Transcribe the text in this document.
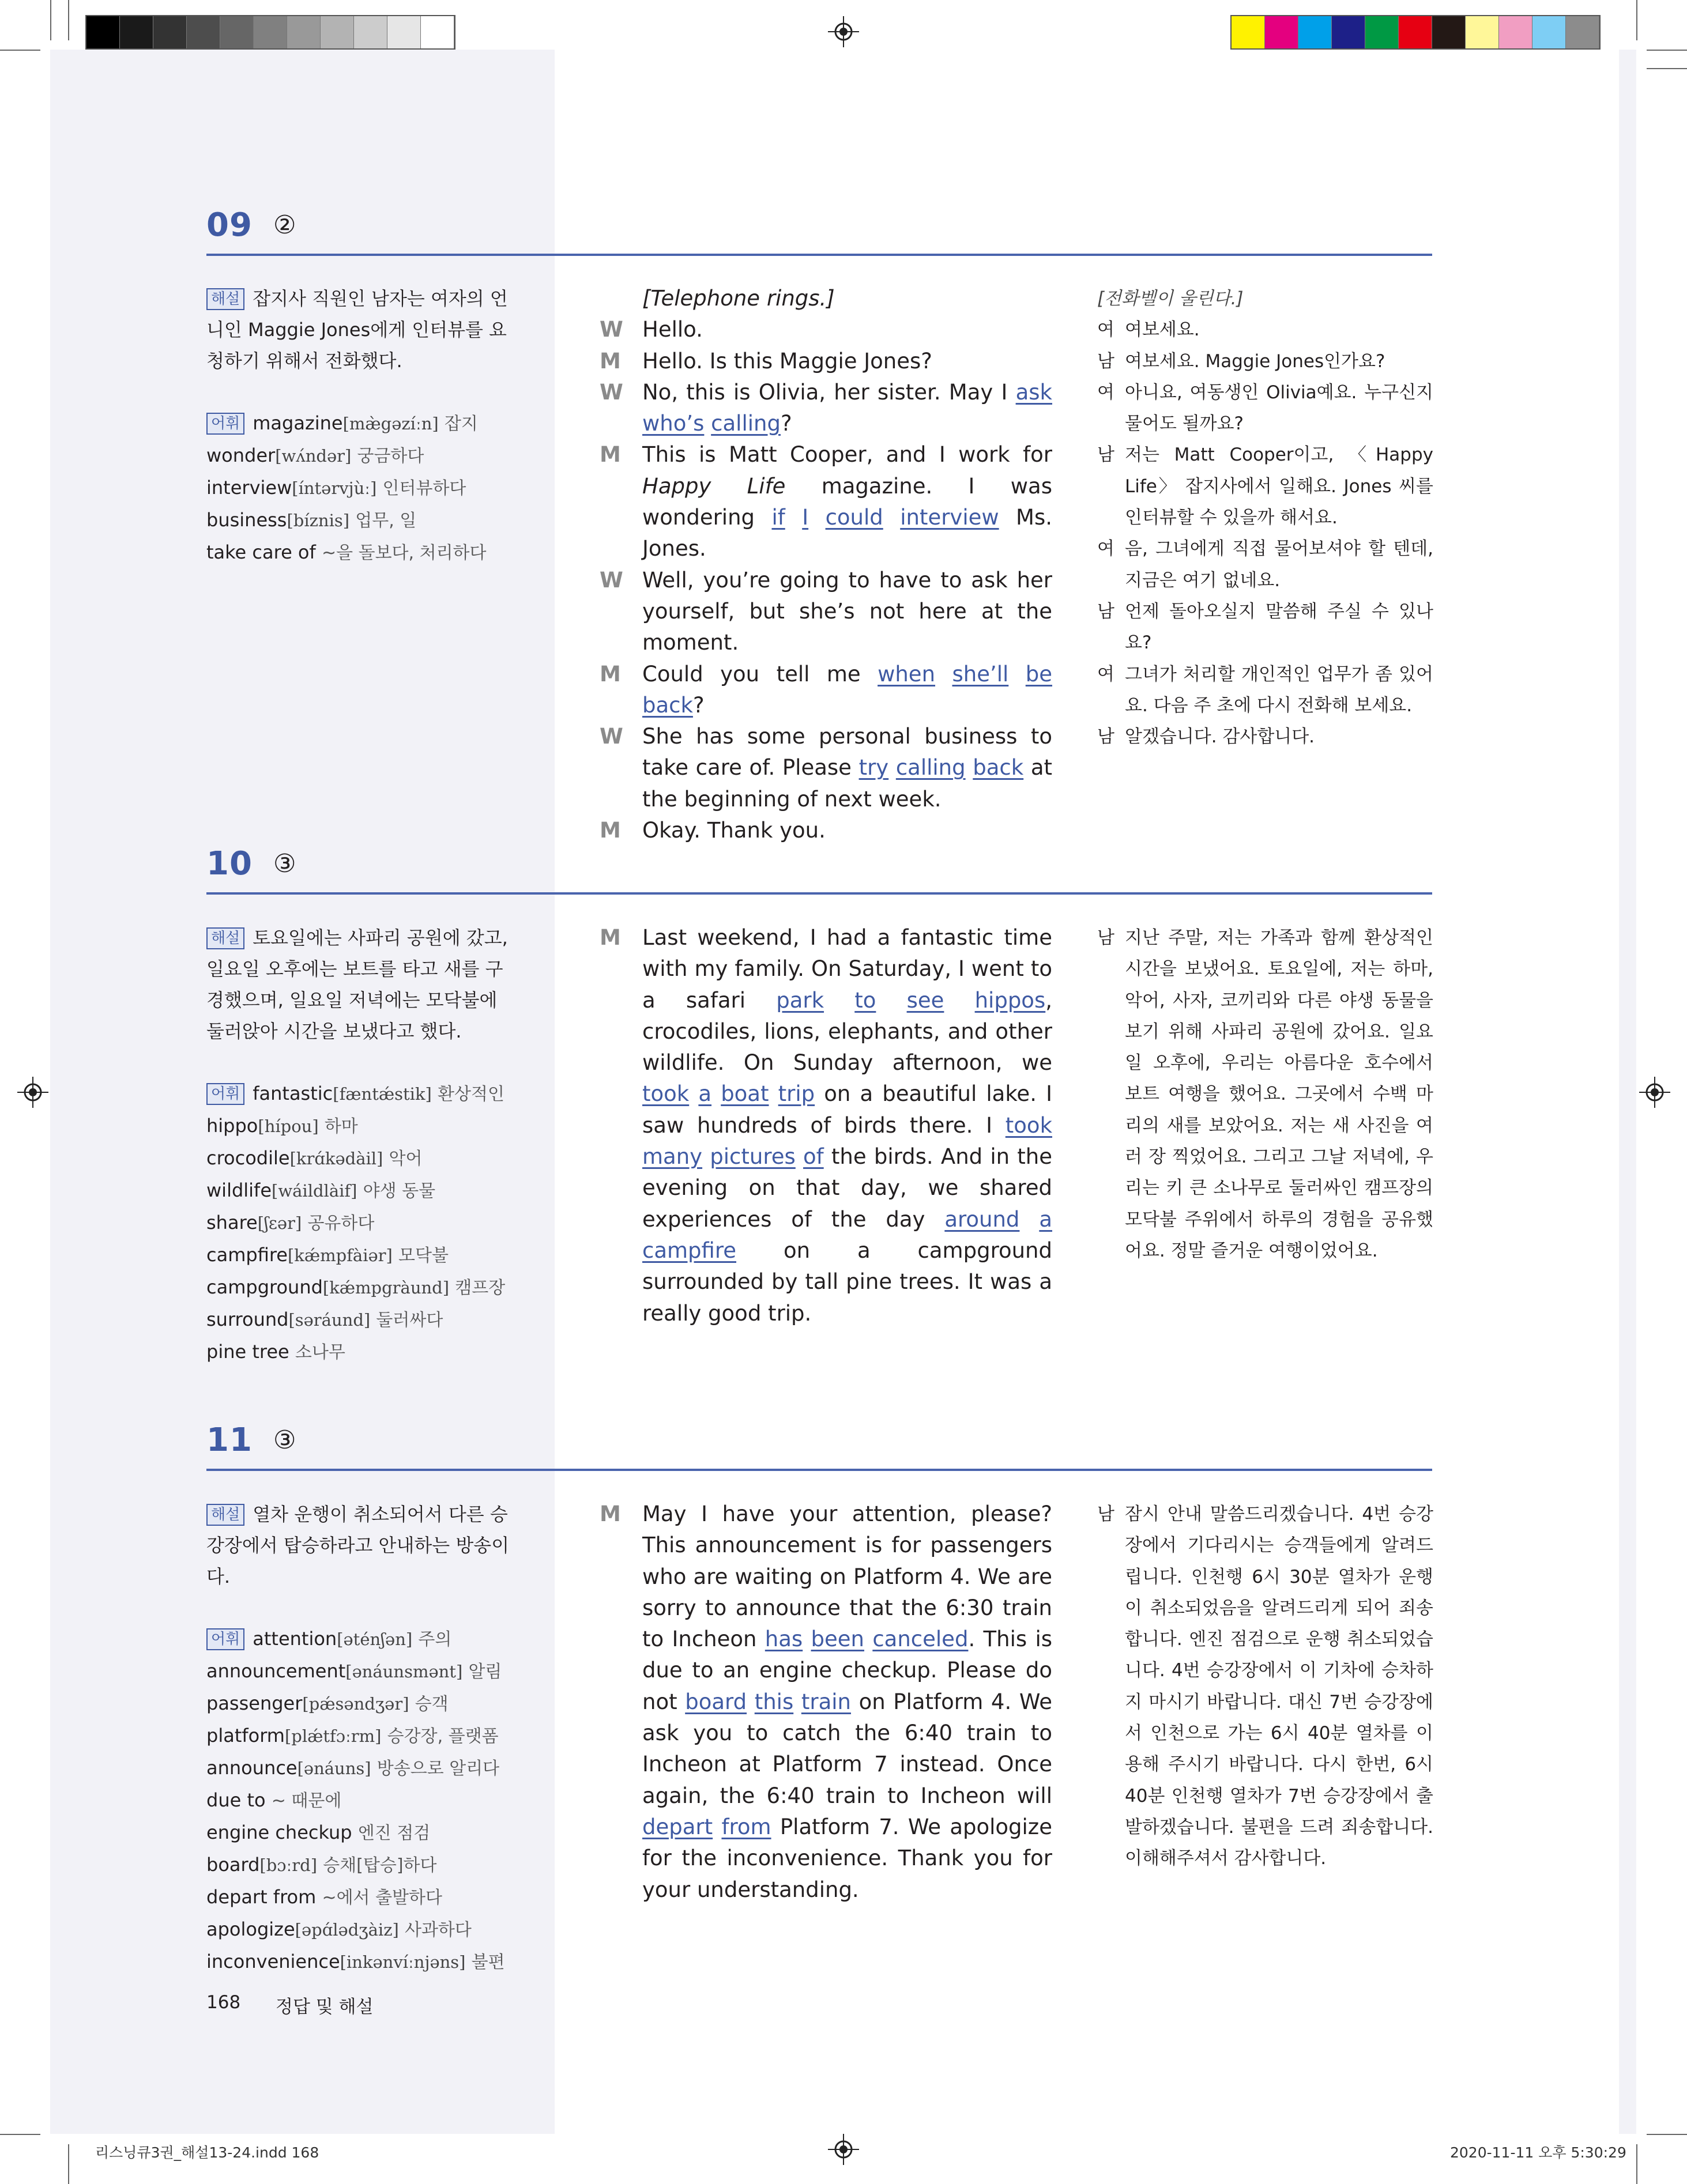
09 ②

해설 잡지사 직원인 남자는 여자의 언니인 Maggie Jones에게 인터뷰를 요청하기 위해서 전화했다.

어휘 magazine[mæ̀gəzíːn] 잡지
wonder[wʌ́ndər] 궁금하다
interview[íntərvjùː] 인터뷰하다
business[bíznis] 업무, 일
take care of ~을 돌보다, 처리하다
[Telephone rings.]
W Hello.
M Hello. Is this Maggie Jones?
W No, this is Olivia, her sister. May I ask who’s calling?
M This is Matt Cooper, and I work for Happy Life magazine. I was wondering if I could interview Ms. Jones.
W Well, you’re going to have to ask her yourself, but she’s not here at the moment.
M Could you tell me when she’ll be back?
W She has some personal business to take care of. Please try calling back at the beginning of next week.
M Okay. Thank you.
[전화벨이 울린다.]
여 여보세요.
남 여보세요. Maggie Jones인가요?
여 아니요, 여동생인 Olivia예요. 누구신지 물어도 될까요?
남 저는 Matt Cooper이고, 〈Happy Life〉 잡지사에서 일해요. Jones 씨를 인터뷰할 수 있을까 해서요.
여 음, 그녀에게 직접 물어보셔야 할 텐데, 지금은 여기 없네요.
남 언제 돌아오실지 말씀해 주실 수 있나요?
여 그녀가 처리할 개인적인 업무가 좀 있어요. 다음 주 초에 다시 전화해 보세요.
남 알겠습니다. 감사합니다.
10 ③

해설 토요일에는 사파리 공원에 갔고, 일요일 오후에는 보트를 타고 새를 구경했으며, 일요일 저녁에는 모닥불에 둘러앉아 시간을 보냈다고 했다.

어휘 fantastic[fæntǽstik] 환상적인
hippo[hípou] 하마
crocodile[krɑ́kədàil] 악어
wildlife[wáildlàif] 야생 동물
share[ʃɛər] 공유하다
campfire[kǽmpfàiər] 모닥불
campground[kǽmpgràund] 캠프장
surround[səráund] 둘러싸다
pine tree 소나무
M Last weekend, I had a fantastic time with my family. On Saturday, I went to a safari park to see hippos, crocodiles, lions, elephants, and other wildlife. On Sunday afternoon, we took a boat trip on a beautiful lake. I saw hundreds of birds there. I took many pictures of the birds. And in the evening on that day, we shared experiences of the day around a campfire on a campground surrounded by tall pine trees. It was a really good trip.
남 지난 주말, 저는 가족과 함께 환상적인 시간을 보냈어요. 토요일에, 저는 하마, 악어, 사자, 코끼리와 다른 야생 동물을 보기 위해 사파리 공원에 갔어요. 일요일 오후에, 우리는 아름다운 호수에서 보트 여행을 했어요. 그곳에서 수백 마리의 새를 보았어요. 저는 새 사진을 여러 장 찍었어요. 그리고 그날 저녁에, 우리는 키 큰 소나무로 둘러싸인 캠프장의 모닥불 주위에서 하루의 경험을 공유했어요. 정말 즐거운 여행이었어요.
11 ③

해설 열차 운행이 취소되어서 다른 승강장에서 탑승하라고 안내하는 방송이다.

어휘 attention[əténʃən] 주의
announcement[ənáunsmənt] 알림
passenger[pǽsəndʒər] 승객
platform[plǽtfɔːrm] 승강장, 플랫폼
announce[ənáuns] 방송으로 알리다
due to ~ 때문에
engine checkup 엔진 점검
board[bɔːrd] 승채[탑승]하다
depart from ~에서 출발하다
apologize[əpɑ́lədʒàiz] 사과하다
inconvenience[inkənvíːnjəns] 불편
M May I have your attention, please? This announcement is for passengers who are waiting on Platform 4. We are sorry to announce that the 6:30 train to Incheon has been canceled. This is due to an engine checkup. Please do not board this train on Platform 4. We ask you to catch the 6:40 train to Incheon at Platform 7 instead. Once again, the 6:40 train to Incheon will depart from Platform 7. We apologize for the inconvenience. Thank you for your understanding.
남 잠시 안내 말씀드리겠습니다. 4번 승강장에서 기다리시는 승객들에게 알려드립니다. 인천행 6시 30분 열차가 운행이 취소되었음을 알려드리게 되어 죄송합니다. 엔진 점검으로 운행 취소되었습니다. 4번 승강장에서 이 기차에 승차하지 마시기 바랍니다. 대신 7번 승강장에서 인천으로 가는 6시 40분 열차를 이용해 주시기 바랍니다. 다시 한번, 6시 40분 인천행 열차가 7번 승강장에서 출발하겠습니다. 불편을 드려 죄송합니다. 이해해주셔서 감사합니다.
168 정답 및 해설
리스닝큐3권_해설13-24.indd 168	2020-11-11 오후 5:30:29
